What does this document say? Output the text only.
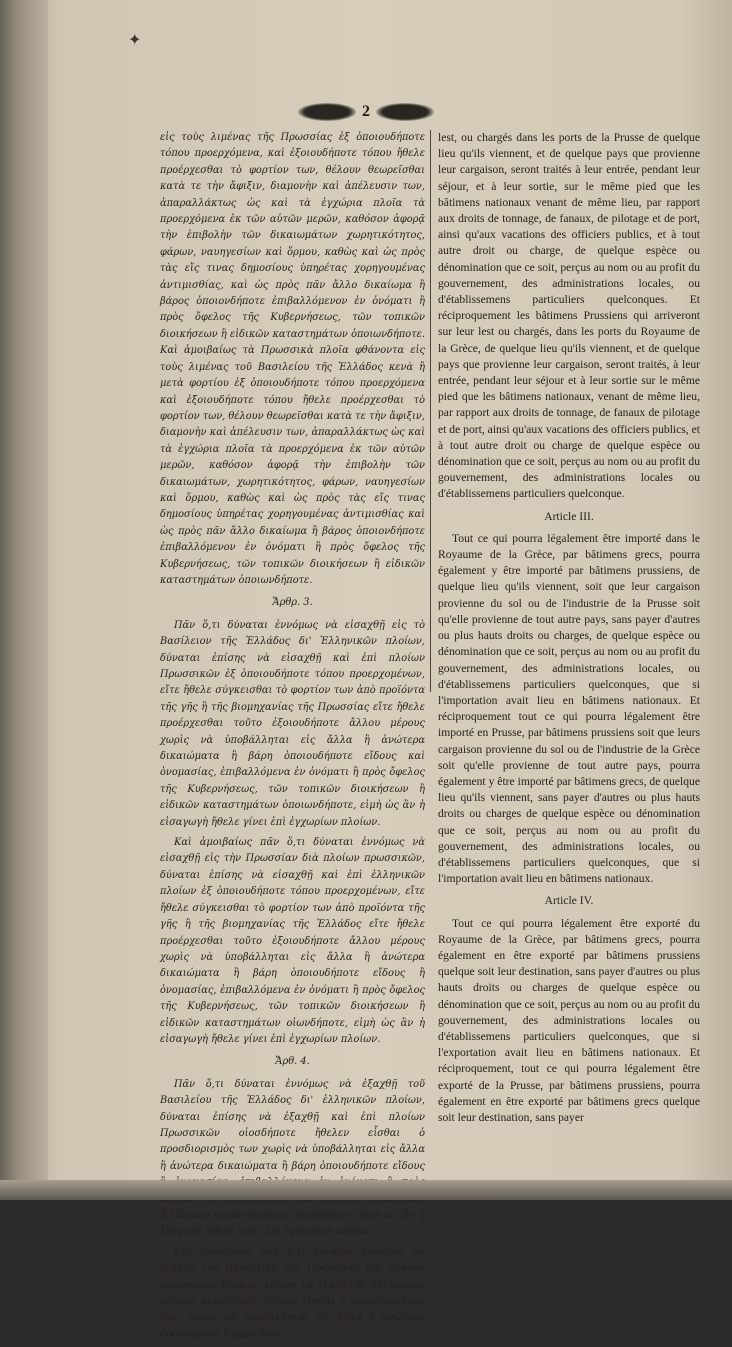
✦
2

εἰς τοὺς λιμένας τῆς Πρωσσίας ἐξ ὁποιουδήποτε τόπου προερχόμενα, καὶ ἐξοιουδήποτε τόπου ἤθελε προέρχεσθαι τὸ φορτίον των, θέλουν θεωρεῖσθαι κατὰ τε τὴν ἄφιξιν, διαμονὴν καὶ ἀπέλευσιν των, ἀπαραλλάκτως ὡς καὶ τὰ ἐγχώρια πλοῖα τὰ προερχόμενα ἐκ τῶν αὐτῶν μερῶν, καθόσον ἀφορᾷ τὴν ἐπιβολὴν τῶν δικαιωμάτων χωρητικότητος, φάρων, ναυηγεσίων καὶ ὅρμου, καθὼς καὶ ὡς πρὸς τὰς εἴς τινας δημοσίους ὑπηρέτας χορηγουμένας ἀντιμισθίας, καὶ ὡς πρὸς πᾶν ἄλλο δικαίωμα ἢ βάρος ὁποιονδήποτε ἐπιβαλλόμενον ἐν ὀνόματι ἢ πρὸς ὄφελος τῆς Κυβερνήσεως, τῶν τοπικῶν διοικήσεων ἢ εἰδικῶν καταστημάτων ὁποιωνδήποτε. Καὶ ἀμοιβαίως τὰ Πρωσσικὰ πλοῖα φθάνοντα εἰς τοὺς λιμένας τοῦ Βασιλείου τῆς Ἑλλάδος κενὰ ἢ μετὰ φορτίου ἐξ ὁποιουδήποτε τόπου προερχόμενα καὶ ἐξοιουδήποτε τόπου ἤθελε προέρχεσθαι τὸ φορτίον των, θέλουν θεωρεῖσθαι κατὰ τε τὴν ἄφιξιν, διαμονὴν καὶ ἀπέλευσιν των, ἀπαραλλάκτως ὡς καὶ τὰ ἐγχώρια πλοῖα τὰ προερχόμενα ἐκ τῶν αὐτῶν μερῶν, καθόσον ἀφορᾷ τὴν ἐπιβολὴν τῶν δικαιωμάτων, χωρητικότητος, φάρων, ναυηγεσίων καὶ ὅρμου, καθὼς καὶ ὡς πρὸς τὰς εἴς τινας δημοσίους ὑπηρέτας χορηγουμένας ἀντιμισθίας καὶ ὡς πρὸς πᾶν ἄλλο δικαίωμα ἢ βάρος ὁποιονδήποτε ἐπιβαλλόμενον ἐν ὀνόματι ἢ πρὸς ὄφελος τῆς Κυβερνήσεως, τῶν τοπικῶν διοικήσεων ἢ εἰδικῶν καταστημάτων ὁποιωνδήποτε.

Ἄρθρ. 3.

Πᾶν ὅ,τι δύναται ἐννόμως νὰ εἰσαχθῇ εἰς τὸ Βασίλειον τῆς Ἑλλάδος δι' Ἑλληνικῶν πλοίων, δύναται ἐπίσης νὰ εἰσαχθῇ καὶ ἐπὶ πλοίων Πρωσσικῶν ἐξ ὁποιουδήποτε τόπου προερχομένων, εἴτε ἤθελε σύγκεισθαι τὸ φορτίον των ἀπὸ προϊόντα τῆς γῆς ἢ τῆς βιομηχανίας τῆς Πρωσσίας εἴτε ἤθελε προέρχεσθαι τοῦτο ἐξοιουδήποτε ἄλλου μέρους χωρὶς νὰ ὑποβάλληται εἰς ἄλλα ἢ ἀνώτερα δικαιώματα ἢ βάρη ὁποιουδήποτε εἴδους καὶ ὀνομασίας, ἐπιβαλλόμενα ἐν ὀνόματι ἢ πρὸς ὄφελος τῆς Κυβερνήσεως, τῶν τοπικῶν διοικήσεων ἢ εἰδικῶν καταστημάτων ὁποιωνδήποτε, εἰμὴ ὡς ἂν ἡ εἰσαγωγὴ ἤθελε γίνει ἐπὶ ἐγχωρίων πλοίων.

Καὶ ἀμοιβαίως πᾶν ὅ,τι δύναται ἐννόμως νὰ εἰσαχθῇ εἰς τὴν Πρωσσίαν διὰ πλοίων πρωσσικῶν, δύναται ἐπίσης νὰ εἰσαχθῇ καὶ ἐπὶ ἑλληνικῶν πλοίων ἐξ ὁποιουδήποτε τόπου προερχομένων, εἴτε ἤθελε σύγκεισθαι τὸ φορτίον των ἀπὸ προϊόντα τῆς γῆς ἢ τῆς βιομηχανίας τῆς Ἑλλάδος εἴτε ἤθελε προέρχεσθαι τοῦτο ἐξοιουδήποτε ἄλλου μέρους χωρὶς νὰ ὑποβάλληται εἰς ἄλλα ἢ ἀνώτερα δικαιώματα ἢ βάρη ὁποιουδήποτε εἴδους ἢ ὀνομασίας, ἐπιβαλλόμενα ἐν ὀνόματι ἢ πρὸς ὄφελος τῆς Κυβερνήσεως, τῶν τοπικῶν διοικήσεων ἢ εἰδικῶν καταστημάτων οἱωνδήποτε, εἰμὴ ὡς ἂν ἡ εἰσαγωγὴ ἤθελε γίνει ἐπὶ ἐγχωρίων πλοίων.

Ἄρθ. 4.

Πᾶν ὅ,τι δύναται ἐννόμως νὰ ἐξαχθῇ τοῦ Βασιλείου τῆς Ἑλλάδος δι' ἑλληνικῶν πλοίων, δύναται ἐπίσης νὰ ἐξαχθῇ καὶ ἐπὶ πλοίων Πρωσσικῶν οἰοσδήποτε ἤθελεν εἶσθαι ὁ προσδιορισμὸς των χωρὶς νὰ ὑποβάλληται εἰς ἄλλα ἢ ἀνώτερα δικαιώματα ἢ βάρη ὁποιουδήποτε εἴδους ἢ εἰδικῶν καταστημάτων οἱωνδήποτε, εἰμὴ ὡς ἂν ἡ ἐξαγωγὴ ἤθελε γίνει ἐπὶ ἐγχωρίων πλοίων.

Καὶ ἀμοιβαίως πᾶν ὅ,τι δύναται ἐννόμως νὰ ἐξαχθῇ τοῦ Βασιλείου τῆς Πρωσσίας διὰ πλοίων πρωσσικῶν δύναται ἐπίσης νὰ ἐξαχθῇ δι' ἑλληνικῶν πλοίων οἰοσδήποτε ἤθελεν εἶσθαι ὁ προσδιορισμός των, χωρὶς νὰ ὑποβάλληται εἰς ἄλλα ἢ ἀνώτερα δικαιώματα ἢ βάρη ὁποι-

lest, ou chargés dans les ports de la Prusse de quelque lieu qu'ils viennent, et de quelque pays que provienne leur cargaison, seront traités à leur entrée, pendant leur séjour, et à leur sortie, sur le même pied que les bâtimens nationaux venant de même lieu, par rapport aux droits de tonnage, de fanaux, de pilotage et de port, ainsi qu'aux vacations des officiers publics, et à tout autre droit ou charge, de quelque espèce ou dénomination que ce soit, perçus au nom ou au profit du gouvernement, des administrations locales, ou d'établissemens particuliers quelconques. Et réciproquement les bâtimens Prussiens qui arriveront sur leur lest ou chargés, dans les ports du Royaume de la Grèce, de quelque lieu qu'ils viennent, et de quelque pays que provienne leur cargaison, seront traités, à leur entrée, pendant leur séjour et à leur sortie sur le même pied que les bâtimens nationaux, venant de même lieu, par rapport aux droits de tonnage, de fanaux de pilotage et de port, ainsi qu'aux vacations des officiers publics, et à tout autre droit ou charge de quelque espèce ou dénomination que ce soit, perçus au nom ou au profit du gouvernement, des administrations locales ou d'établissemens particuliers quelconque.

Article III.

Tout ce qui pourra légalement être importé dans le Royaume de la Grèce, par bâtimens grecs, pourra également y être importé par bâtimens prussiens, de quelque lieu qu'ils viennent, soit que leur cargaison provienne du sol ou de l'industrie de la Prusse soit qu'elle provienne de tout autre pays, sans payer d'autres ou plus hauts droits ou charges, de quelque espèce ou dénomination que ce soit, perçus au nom ou au profit du gouvernement, des administrations locales, ou d'établissemens particuliers quelconques, que si l'importation avait lieu en bâtimens nationaux. Et réciproquement tout ce qui pourra légalement être importé en Prusse, par bâtimens prussiens soit que leurs cargaison provienne du sol ou de l'industrie de la Grèce soit qu'elle provienne de tout autre pays, pourra également y être importé par bâtimens grecs, de quelque lieu qu'ils viennent, sans payer d'autres ou plus hauts droits ou charges de quelque espèce ou dénomination que ce soit, perçus au nom ou au profit du gouvernement, des administrations locales, ou d'établissemens particuliers quelconques, que si l'importation avait lieu en bâtimens nationaux.

Article IV.

Tout ce qui pourra légalement être exporté du Royaume de la Grèce, par bâtimens grecs, pourra également en être exporté par bâtimens prussiens quelque soit leur destination, sans payer d'autres ou plus hauts droits ou charges de quelque espèce ou dénomination que ce soit, perçus au nom ou au profit du gouvernement, des administrations locales ou d'établissemens particuliers quelconques, que si l'exportation avait lieu en bâtimens nationaux. Et réciproquement, tout ce qui pourra légalement être exporté de la Prusse, par bâtimens prussiens, pourra également en être exporté par bâtimens grecs quelque soit leur destination, sans payer
